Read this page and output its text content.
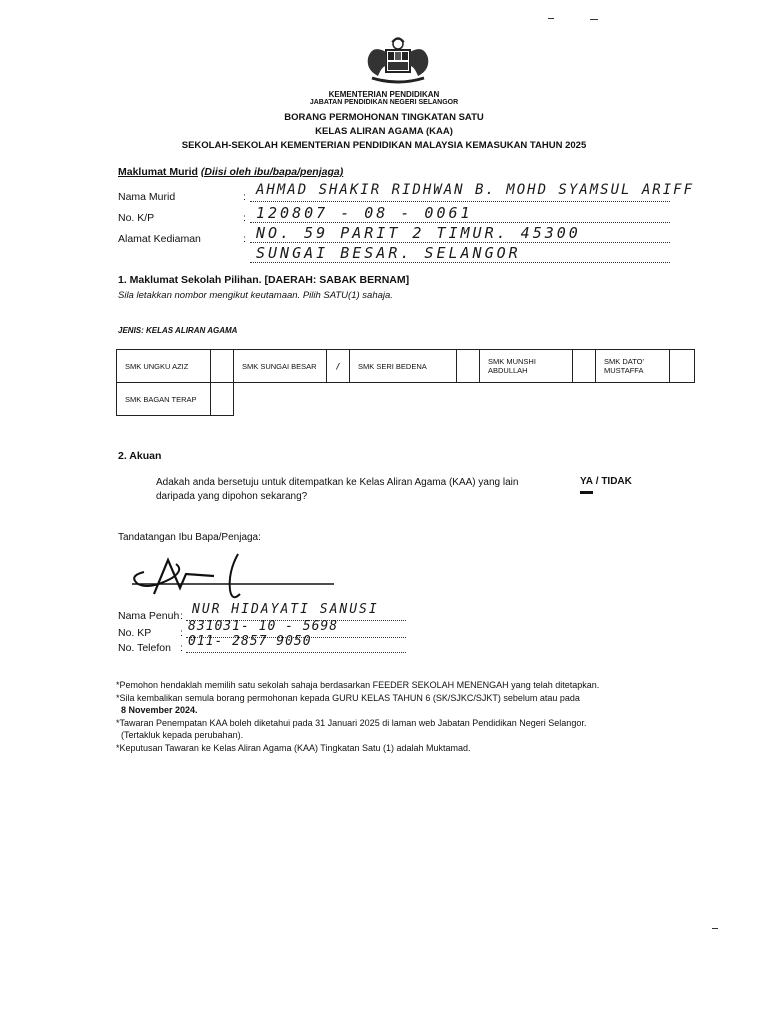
KEMENTERIAN PENDIDIKAN
JABATAN PENDIDIKAN NEGERI SELANGOR
BORANG PERMOHONAN TINGKATAN SATU
KELAS ALIRAN AGAMA (KAA)
SEKOLAH-SEKOLAH KEMENTERIAN PENDIDIKAN MALAYSIA KEMASUKAN TAHUN 2025
Maklumat Murid (Diisi oleh ibu/bapa/penjaga)
Nama Murid	: AHMAD SHAKIR RIDHWAN B. MOHD SYAMSUL ARIFF
No. K/P	: 120807 - 08 - 0061
Alamat Kediaman	: NO. 59 PARIT 2 TIMUR. 45300
SUNGAI BESAR. SELANGOR
1. Maklumat Sekolah Pilihan. [DAERAH: SABAK BERNAM]
Sila letakkan nombor mengikut keutamaan. Pilih SATU(1) sahaja.
JENIS: KELAS ALIRAN AGAMA
SMK UNGKU AZIZ		SMK SUNGAI BESAR	/	SMK SERI BEDENA		SMK MUNSHI ABDULLAH		SMK DATO' MUSTAFFA	
SMK BAGAN TERAP									
2. Akuan
Adakah anda bersetuju untuk ditempatkan ke Kelas Aliran Agama (KAA) yang lain
daripada yang dipohon sekarang?
YA / TIDAK
Tandatangan Ibu Bapa/Penjaga:
Nama Penuh : NUR HIDAYATI SANUSI
No. KP	: 831031- 10 - 5698
No. Telefon : 011- 2857 9050
*Pemohon hendaklah memilih satu sekolah sahaja berdasarkan FEEDER SEKOLAH MENENGAH yang telah ditetapkan.
*Sila kembalikan semula borang permohonan kepada GURU KELAS TAHUN 6 (SK/SJKC/SJKT) sebelum atau pada
8 November 2024.
*Tawaran Penempatan KAA boleh diketahui pada 31 Januari 2025 di laman web Jabatan Pendidikan Negeri Selangor.
(Tertakluk kepada perubahan).
*Keputusan Tawaran ke Kelas Aliran Agama (KAA) Tingkatan Satu (1) adalah Muktamad.
